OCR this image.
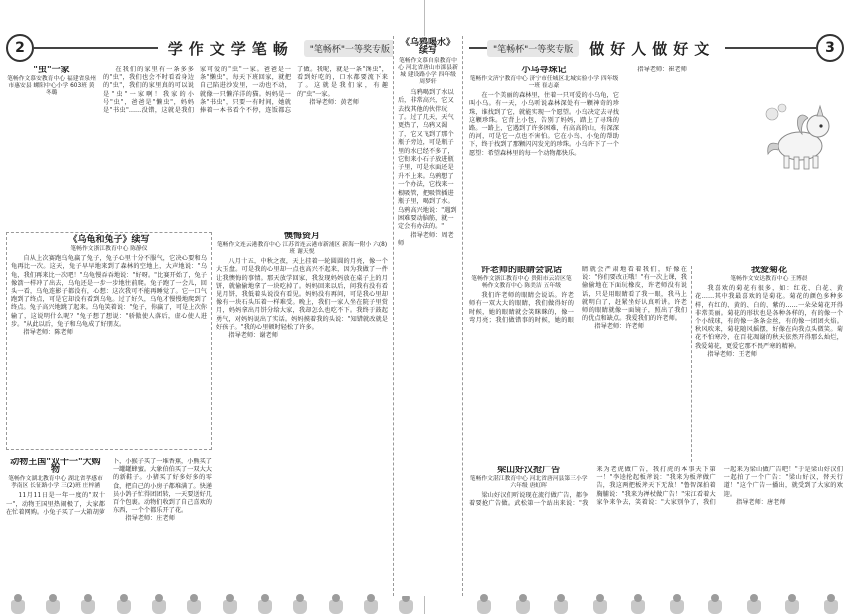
2	学作文学笔畅	"笔畅杯"一等奖专版
"虫"一家
笔畅作文慕安教育中心 福建省泉州市惠安县 螺阳中心小学 603班 黄冬璐

在我们的家里有一条多多的"虫"，我们也会不时看看身边的"虫"，我们的家里真的可以说是"虫"一家啊！我家的小号"虫"，爸爸是"懒虫"，妈妈是"书虫"……没错，这就是我们家可爱的"虫"一家。爸爸是一条"懒虫"，每天下班回家，就把自己陷进沙发里，一动也不动，就像一只懒洋洋的猫。妈妈是一条"书虫"，只要一有时间，她就捧着一本书看个不停，连饭都忘了做。我呢，就是一条"馋虫"，看到好吃的，口水都要流下来了。这就是我们家，有趣的"虫"一家。

指导老师：黄老师

《乌龟和兔子》续写
笔畅作文浙江教育中心 陈静仪

自从上次赛跑乌龟赢了兔子，兔子心里十分不服气，它决心要和乌龟再比一次。这天，兔子早早地来到了森林的空地上，大声地说："乌龟，我们再来比一次吧！"乌龟慢吞吞地说："好呀。"比赛开始了，兔子像箭一样冲了出去，乌龟还是一步一步地往前爬。兔子跑了一会儿，回头一看，乌龟连影子都没有，心想：这次我可不能再睡觉了。它一口气跑到了终点，可是它却没有看到乌龟。过了好久，乌龟才慢慢地爬到了终点。兔子高兴地跳了起来。乌龟笑着说："兔子，你赢了，可是上次你输了，这说明什么呢？"兔子想了想说："骄傲使人落后，虚心使人进步。"从此以后，兔子和乌龟成了好朋友。

指导老师：陈老师

懊悔资月
笔畅作文连云港教育中心 江苏省连云港市新浦区 新海一附小 六(8)班 谢天悦

八月十五，中秋之夜，天上挂着一轮圆圆的月亮，像一个大玉盘。可是我的心里却一点也高兴不起来，因为我做了一件让我懊悔的事情。那天放学回家，我发现妈妈放在桌子上的月饼，就偷偷地拿了一块吃掉了。妈妈回来以后，问我有没有看见月饼，我低着头说没有看见。妈妈没有再问，可是我心里却像有一块石头压着一样难受。晚上，我们一家人坐在院子里赏月，妈妈拿出月饼分给大家，我却怎么也吃不下。我终于鼓起勇气，对妈妈说出了实话。妈妈摸着我的头说："知错就改就是好孩子。"我的心里顿时轻松了许多。

指导老师：谢老师

动物王国"双十一"大购物
笔畅作文湖北教育中心 湖北省孝感市孝南区 长征路小学 三(2)班 庄梓涵

11月11日是一年一度的"双十一"，动物王国里热闹极了，大家都在忙着网购。小兔子买了一大箱胡萝卜，小猴子买了一堆香蕉，小熊买了一罐罐蜂蜜。大象伯伯买了一双大大的新鞋子。小猪买了好多好多的零食，把自己的小房子都堆满了。快递员小鸽子忙得团团转，一天要送好几百个包裹。动物们收到了自己喜欢的东西，一个个都乐开了花。

指导老师：庄老师

《乌鸦喝水》续写
笔畅作文慕自泉教育中心 河北省唐山市滦县新城 建设路小学 四年级 周梦轩

乌鸦喝到了水以后，非常高兴，它又去找其他的伙伴玩了。过了几天，天气更热了，乌鸦又渴了，它又飞到了那个瓶子旁边，可是瓶子里的水已经不多了，它衔来小石子放进瓶子里，可是水面还是升不上来。乌鸦想了一个办法，它找来一根吸管，把吸管插进瓶子里，喝到了水。乌鸦高兴地说："遇到困难要动脑筋，就一定会有办法的。"

指导老师：周老师

"笔畅杯"一等奖专版	做好人做好文	3
小乌寻珠记
笔畅作文济宁教育中心 济宁市任城区北城实验小学 四年级一班 崔志豪

在一个美丽的森林里，住着一只可爱的小乌龟，它叫小乌。有一天，小乌听说森林深处有一颗神奇的珍珠，谁找到了它，就能实现一个愿望。小乌决定去寻找这颗珍珠。它背上小包，告别了妈妈，踏上了寻珠的路。一路上，它遇到了许多困难，有高高的山，有深深的河，可是它一点也不害怕。它在小鸟、小兔的帮助下，终于找到了那颗闪闪发光的珍珠。小乌许下了一个愿望：希望森林里的每一个动物都快乐。

指导老师：崔老师

许老师的眼睛会说话
笔畅作文浙江教育中心 贵阳市云岩区笔畅作文教育中心 陈美洁 五年级

我们许老师的眼睛会说话。许老师有一双大大的眼睛，我们做得好的时候，她的眼睛就会笑眯眯的，像一弯月亮；我们做错事的时候，她的眼睛就会严肃地看着我们，好像在说："你们要改正哦！"有一次上课，我偷偷地在下面玩橡皮，许老师没有说话，只是用眼睛看了我一眼，我马上就明白了，赶紧坐好认真听讲。许老师的眼睛就像一面镜子，照出了我们的优点和缺点。我爱我们的许老师。

指导老师：许老师

我爱菊花
笔畅作文安达教育中心 王博晨

我喜欢的菊花有很多，如：红花、白花、黄花……其中我最喜欢的是菊花。菊花的颜色多种多样，有红的、黄的、白的、紫的……一朵朵菊花开得非常美丽。菊花的形状也是各种各样的，有的像一个个小绒球，有的像一条条金丝，有的像一团团火焰。秋风吹来，菊花随风摇摆，好像在向我点头微笑。菊花不怕寒冷，在百花凋谢的秋天依然开得那么灿烂，我爱菊花，更爱它那不畏严寒的精神。

指导老师：王老师

梁山好汉抢广告
笔畅作文湛江教育中心 河北省唐河县第三小学 六年级 唐虹晖

梁山好汉们听说现在流行做广告，都争着要抢广告做。武松第一个站出来说："我来为老虎做广告，我打虎的本事天下第一！"李逵抡起板斧说："我来为板斧做广告，我这两把板斧天下无敌！"鲁智深拍着胸脯说："我来为禅杖做广告！"宋江看着大家争来争去，笑着说："大家别争了，我们一起来为梁山做广告吧！"于是梁山好汉们一起拍了一个广告："梁山好汉，替天行道！"这个广告一播出，就受到了大家的欢迎。

指导老师：唐老师
